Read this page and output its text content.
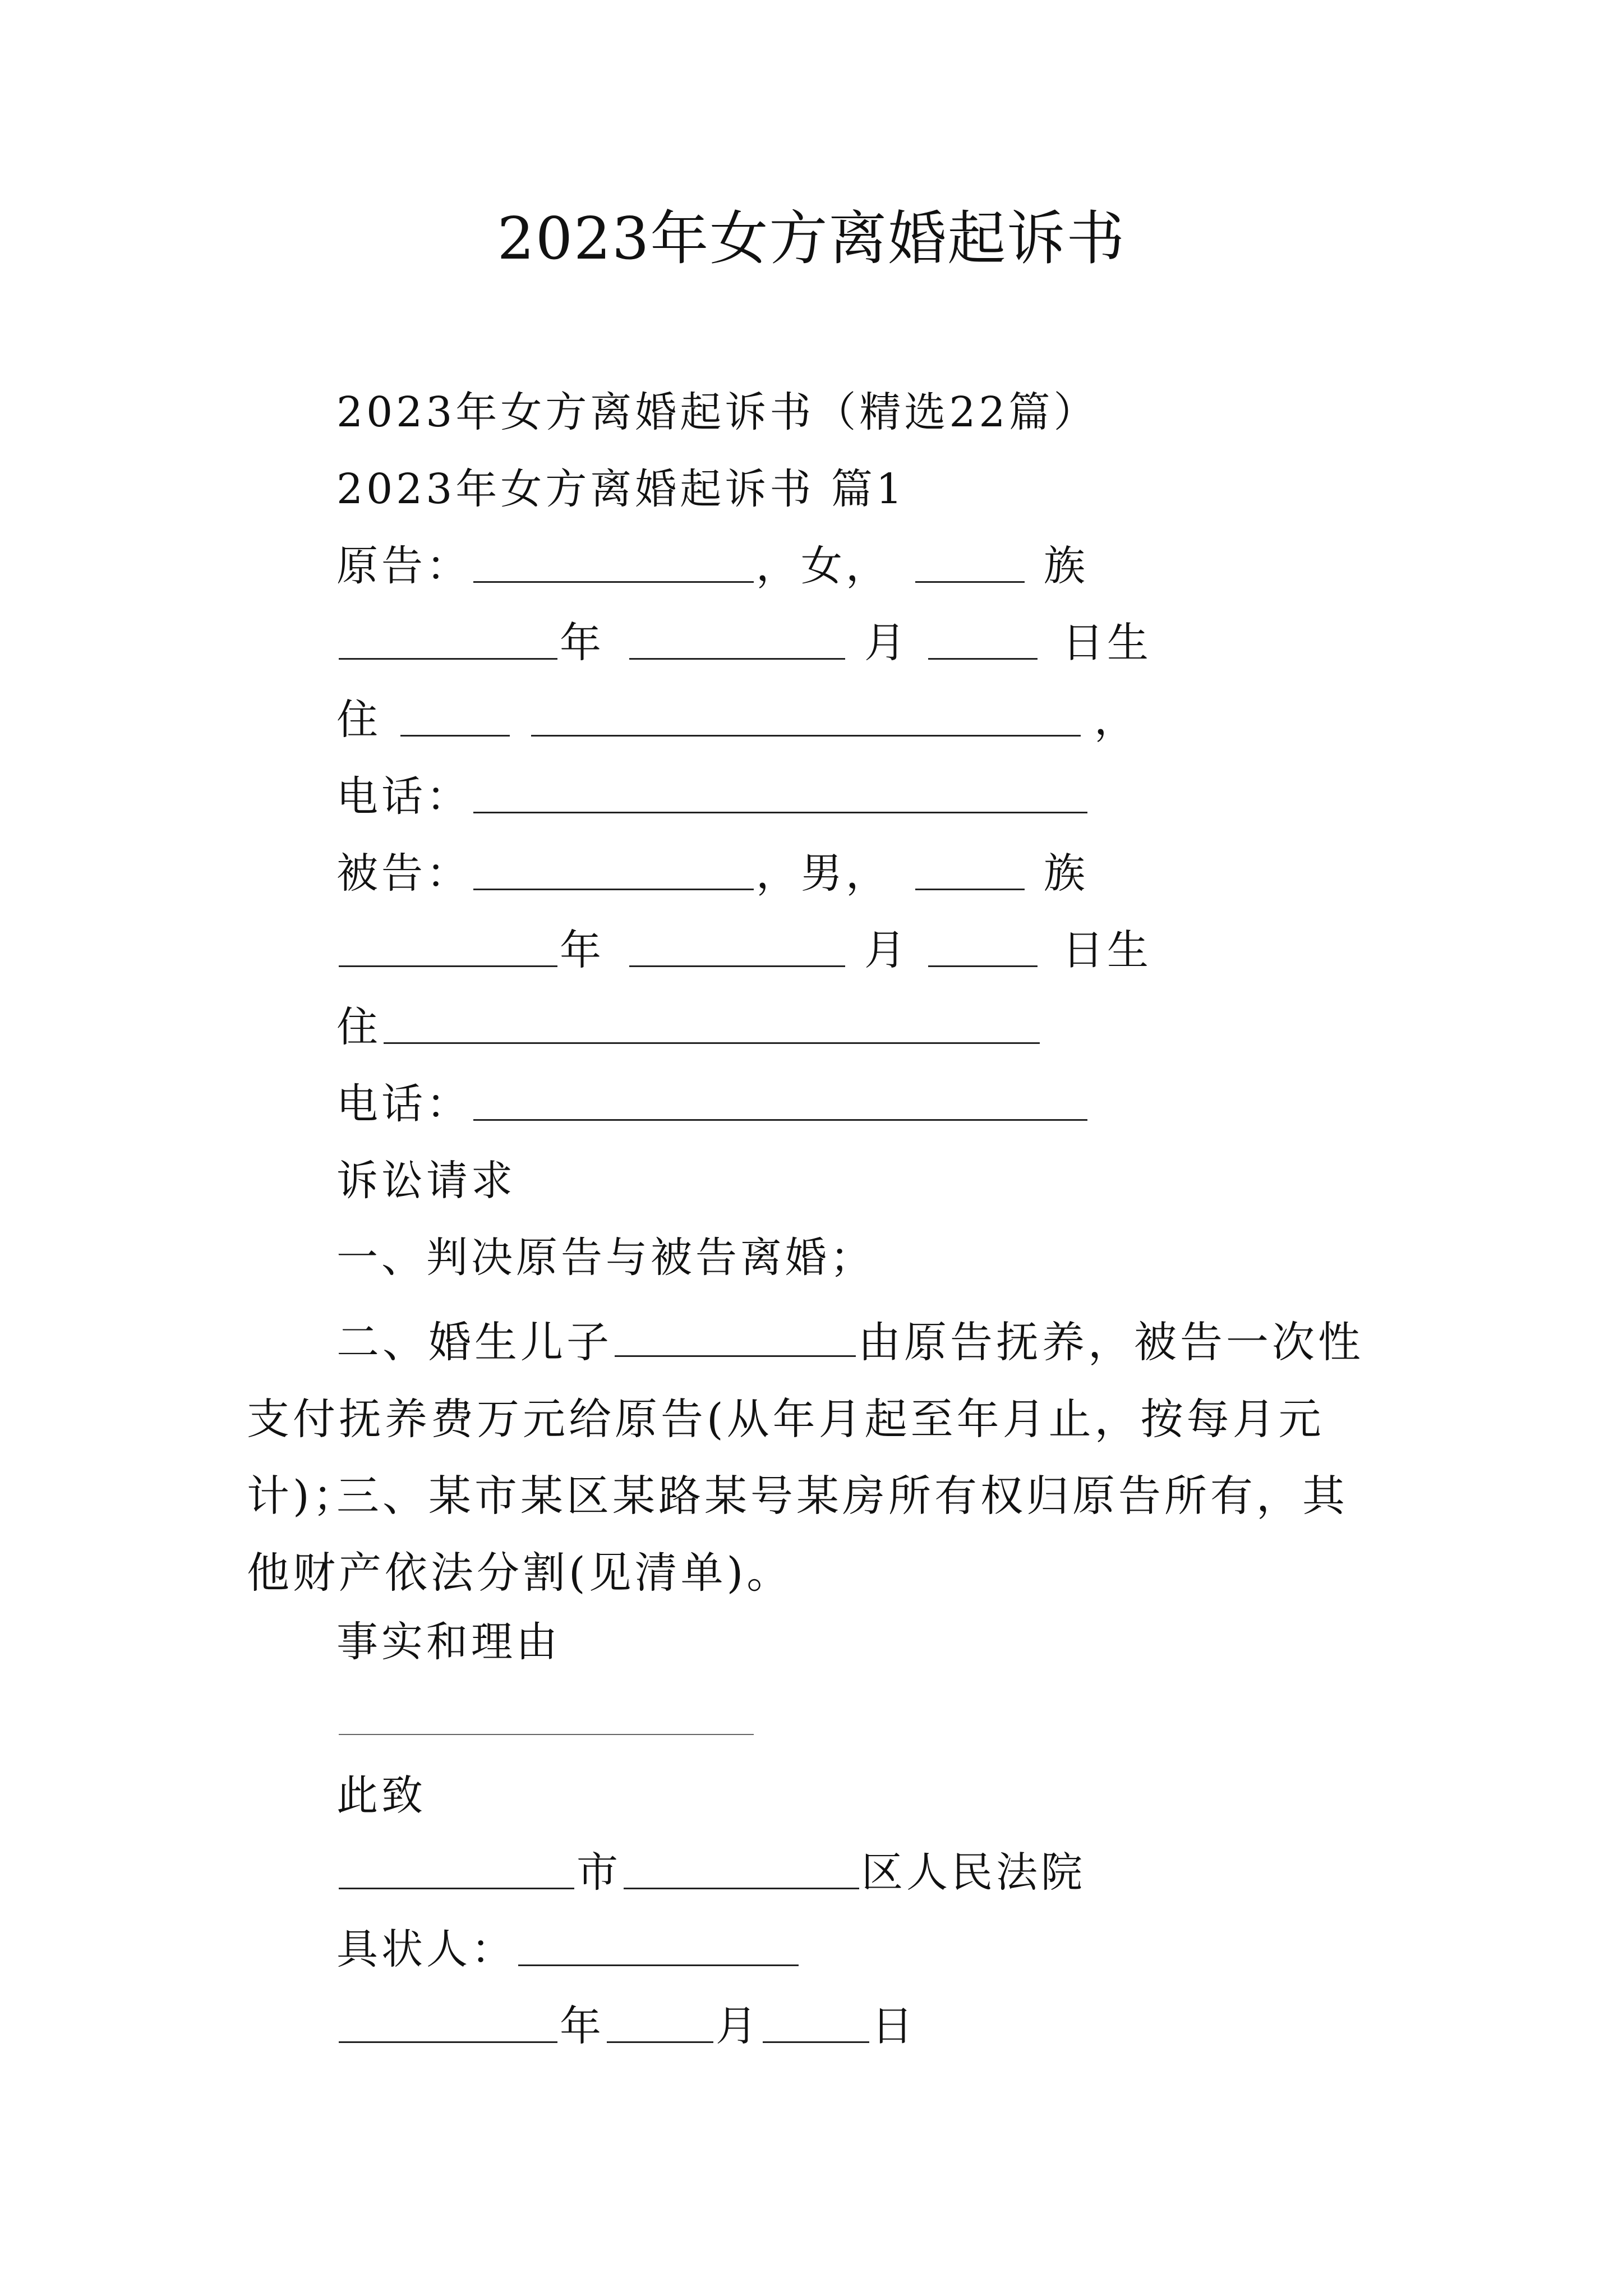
2023年女方离婚起诉书
2023年女方离婚起诉书（精选22篇）
2023年女方离婚起诉书 篇1
原告：	，女，	族
年	月	日生
住	，
电话：
被告：	，男，	族
年	月	日生
住
电话：
诉讼请求
一、判决原告与被告离婚；

二、婚生儿子	由原告抚养，被告一次性支付抚养费万元给原告(从年月起至年月止，按每月元计)；

三、某市某区某路某号某房所有权归原告所有，其他财产依法分割(见清单)。

事实和理由
此致
市	区人民法院
具状人：
年	月	日
